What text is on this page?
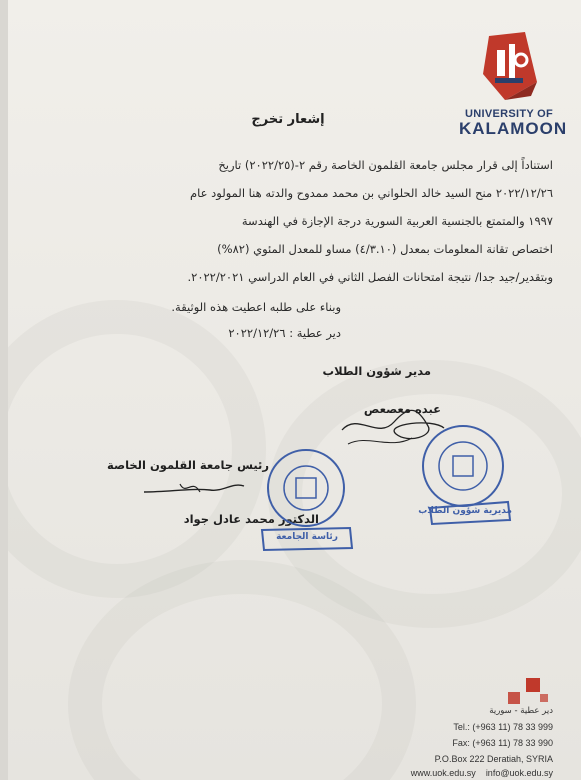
UNIVERSITY OF
KALAMOON
إشعار تخرج
استناداً إلى قرار مجلس جامعة القلمون الخاصة رقم ٢-(٢٠٢٢/٢٥) تاريخ
٢٠٢٢/١٢/٢٦ منح السيد خالد الحلواني بن محمد ممدوح والدته هنا المولود عام
١٩٩٧ والمتمتع بالجنسية العربية السورية درجة الإجازة في الهندسة
اختصاص تقانة المعلومات بمعدل (٤/٣.١٠) مساو للمعدل المئوي (٨٢%)
وبتقدير/جيد جدا/ نتيجة امتحانات الفصل الثاني في العام الدراسي ٢٠٢٢/٢٠٢١.
وبناء على طلبه اعطيت هذه الوثيقة.
دير عطية : ٢٠٢٢/١٢/٢٦
مدير شؤون الطلاب
عبده معصعص
مديرية شؤون الطلاب
رئيس جامعة القلمون الخاصة
الدكتور محمد عادل جواد
رئاسة الجامعة
دير عطية - سورية
Tel.: (+963 11) 78 33 999
Fax: (+963 11) 78 33 990
P.O.Box 222 Deratiah, SYRIA
www.uok.edu.sy info@uok.edu.sy
